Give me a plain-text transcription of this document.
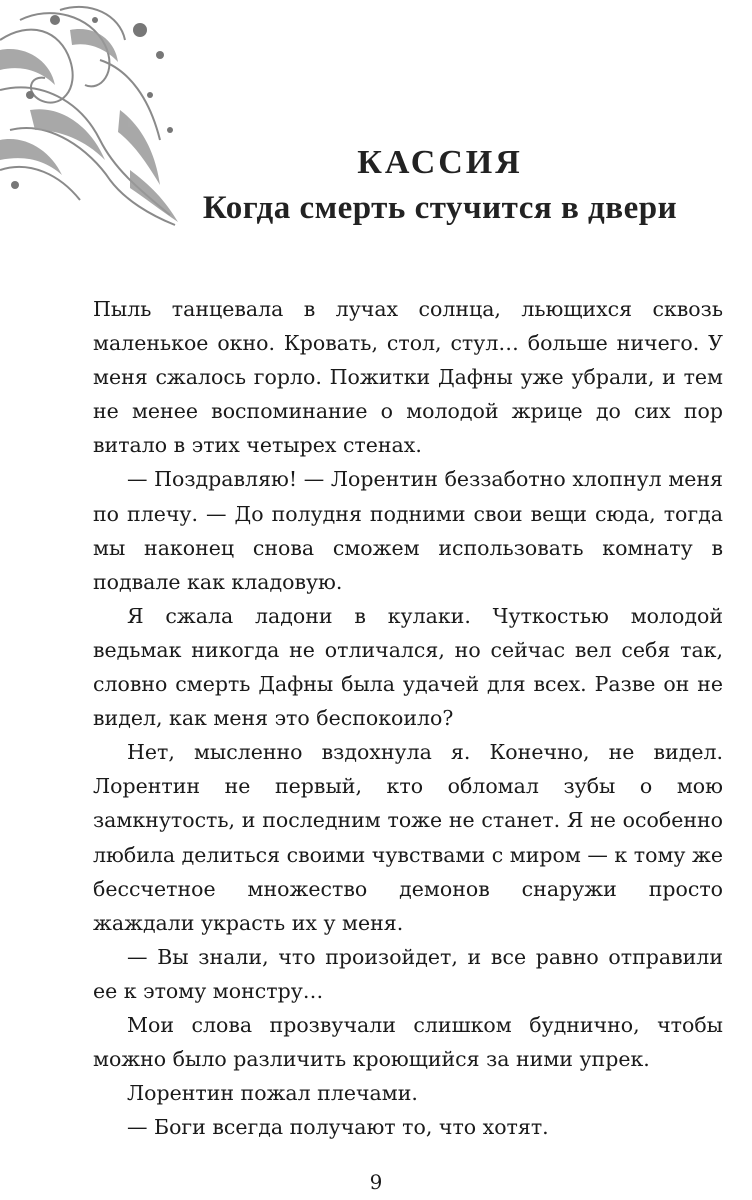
КАССИЯ
Когда смерть стучится в двери

Пыль танцевала в лучах солнца, льющихся сквозь маленькое окно. Кровать, стол, стул… больше ничего. У меня сжалось горло. Пожитки Дафны уже убрали, и тем не менее воспоминание о молодой жрице до сих пор витало в этих четырех стенах.

— Поздравляю! — Лорентин беззаботно хлопнул меня по плечу. — До полудня подними свои вещи сюда, тогда мы наконец снова сможем использовать комнату в подвале как кладовую.

Я сжала ладони в кулаки. Чуткостью молодой ведьмак никогда не отличался, но сейчас вел себя так, словно смерть Дафны была удачей для всех. Разве он не видел, как меня это беспокоило?

Нет, мысленно вздохнула я. Конечно, не видел. Лорентин не первый, кто обломал зубы о мою замкнутость, и последним тоже не станет. Я не особенно любила делиться своими чувствами с миром — к тому же бессчетное множество демонов снаружи просто жаждали украсть их у меня.

— Вы знали, что произойдет, и все равно отправили ее к этому монстру…

Мои слова прозвучали слишком буднично, чтобы можно было различить кроющийся за ними упрек.

Лорентин пожал плечами.

— Боги всегда получают то, что хотят.

9
